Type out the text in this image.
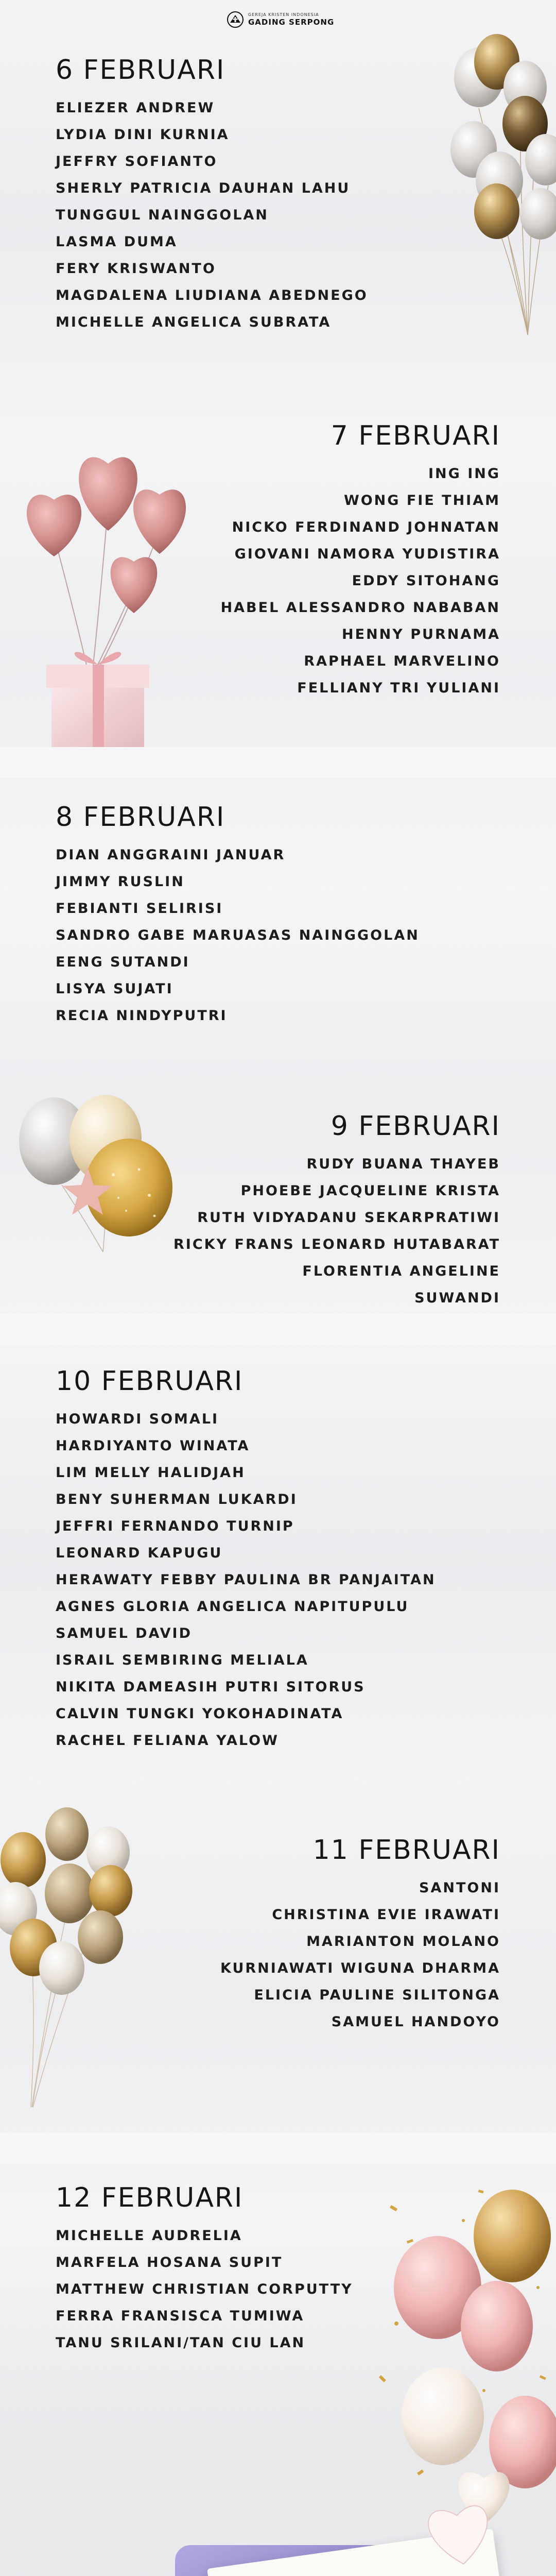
GEREJA KRISTEN INDONESIA
GADING SERPONG
6 FEBRUARI
ELIEZER ANDREW
LYDIA DINI KURNIA
JEFFRY SOFIANTO
SHERLY PATRICIA DAUHAN LAHU
TUNGGUL NAINGGOLAN
LASMA DUMA
FERY KRISWANTO
MAGDALENA LIUDIANA ABEDNEGO
MICHELLE ANGELICA SUBRATA
7 FEBRUARI
ING ING
WONG FIE THIAM
NICKO FERDINAND JOHNATAN
GIOVANI NAMORA YUDISTIRA
EDDY SITOHANG
HABEL ALESSANDRO NABABAN
HENNY PURNAMA
RAPHAEL MARVELINO
FELLIANY TRI YULIANI
8 FEBRUARI
DIAN ANGGRAINI JANUAR
JIMMY RUSLIN
FEBIANTI SELIRISI
SANDRO GABE MARUASAS NAINGGOLAN
EENG SUTANDI
LISYA SUJATI
RECIA NINDYPUTRI
9 FEBRUARI
RUDY BUANA THAYEB
PHOEBE JACQUELINE KRISTA
RUTH VIDYADANU SEKARPRATIWI
RICKY FRANS LEONARD HUTABARAT
FLORENTIA ANGELINE
SUWANDI
10 FEBRUARI
HOWARDI SOMALI
HARDIYANTO WINATA
LIM MELLY HALIDJAH
BENY SUHERMAN LUKARDI
JEFFRI FERNANDO TURNIP
LEONARD KAPUGU
HERAWATY FEBBY PAULINA BR PANJAITAN
AGNES GLORIA ANGELICA NAPITUPULU
SAMUEL DAVID
ISRAIL SEMBIRING MELIALA
NIKITA DAMEASIH PUTRI SITORUS
CALVIN TUNGKI YOKOHADINATA
RACHEL FELIANA YALOW
11 FEBRUARI
SANTONI
CHRISTINA EVIE IRAWATI
MARIANTON MOLANO
KURNIAWATI WIGUNA DHARMA
ELICIA PAULINE SILITONGA
SAMUEL HANDOYO
12 FEBRUARI
MICHELLE AUDRELIA
MARFELA HOSANA SUPIT
MATTHEW CHRISTIAN CORPUTTY
FERRA FRANSISCA TUMIWA
TANU SRILANI/TAN CIU LAN
